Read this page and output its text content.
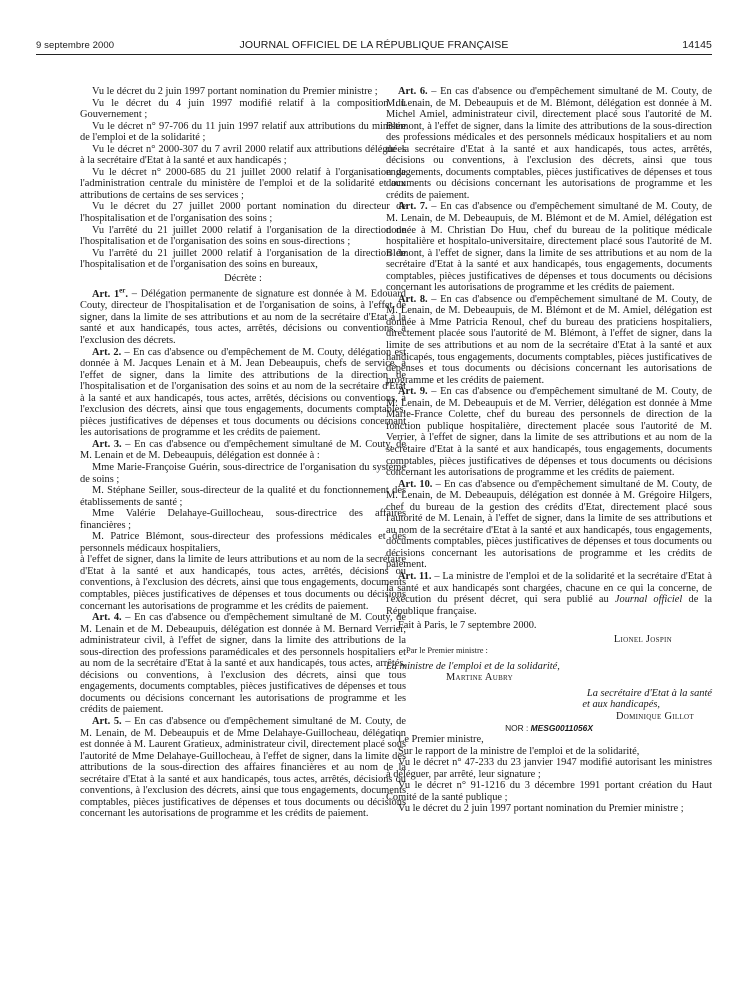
9 septembre 2000	JOURNAL OFFICIEL DE LA RÉPUBLIQUE FRANÇAISE	14145

Vu le décret du 2 juin 1997 portant nomination du Premier ministre ;

Vu le décret du 4 juin 1997 modifié relatif à la composition du Gouvernement ;

Vu le décret n° 97-706 du 11 juin 1997 relatif aux attributions du ministre de l'emploi et de la solidarité ;

Vu le décret n° 2000-307 du 7 avril 2000 relatif aux attributions déléguées à la secrétaire d'Etat à la santé et aux handicapés ;

Vu le décret n° 2000-685 du 21 juillet 2000 relatif à l'organisation de l'administration centrale du ministère de l'emploi et de la solidarité et aux attributions de certains de ses services ;

Vu le décret du 27 juillet 2000 portant nomination du directeur de l'hospitalisation et de l'organisation des soins ;

Vu l'arrêté du 21 juillet 2000 relatif à l'organisation de la direction de l'hospitalisation et de l'organisation des soins en sous-directions ;

Vu l'arrêté du 21 juillet 2000 relatif à l'organisation de la direction de l'hospitalisation et de l'organisation des soins en bureaux,

Décrète :

Art. 1er. – Délégation permanente de signature est donnée à M. Edouard Couty, directeur de l'hospitalisation et de l'organisation de soins, à l'effet de signer, dans la limite de ses attributions et au nom de la secrétaire d'Etat à la santé et aux handicapés, tous actes, arrêtés, décisions ou conventions, à l'exclusion des décrets.

Art. 2. – En cas d'absence ou d'empêchement de M. Couty, délégation est donnée à M. Jacques Lenain et à M. Jean Debeaupuis, chefs de service, à l'effet de signer, dans la limite des attributions de la direction de l'hospitalisation et de l'organisation des soins et au nom de la secrétaire d'Etat à la santé et aux handicapés, tous actes, arrêtés, décisions ou conventions, à l'exclusion des décrets, ainsi que tous engagements, documents comptables, pièces justificatives de dépenses et tous documents ou décisions concernant les autorisations de programme et les crédits de paiement.

Art. 3. – En cas d'absence ou d'empêchement simultané de M. Couty, de M. Lenain et de M. Debeaupuis, délégation est donnée à :

Mme Marie-Françoise Guérin, sous-directrice de l'organisation du système de soins ;

M. Stéphane Seiller, sous-directeur de la qualité et du fonctionnement des établissements de santé ;

Mme Valérie Delahaye-Guillocheau, sous-directrice des affaires financières ;

M. Patrice Blémont, sous-directeur des professions médicales et des personnels médicaux hospitaliers,

à l'effet de signer, dans la limite de leurs attributions et au nom de la secrétaire d'Etat à la santé et aux handicapés, tous actes, arrêtés, décisions ou conventions, à l'exclusion des décrets, ainsi que tous engagements, documents comptables, pièces justificatives de dépenses et tous documents ou décisions concernant les autorisations de programme et les crédits de paiement.

Art. 4. – En cas d'absence ou d'empêchement simultané de M. Couty, de M. Lenain et de M. Debeaupuis, délégation est donnée à M. Bernard Verrier, administrateur civil, à l'effet de signer, dans la limite des attributions de la sous-direction des professions paramédicales et des personnels hospitaliers et au nom de la secrétaire d'Etat à la santé et aux handicapés, tous actes, arrêtés, décisions ou conventions, à l'exclusion des décrets, ainsi que tous engagements, documents comptables, pièces justificatives de dépenses et tous documents ou décisions concernant les autorisations de programme et les crédits de paiement.

Art. 5. – En cas d'absence ou d'empêchement simultané de M. Couty, de M. Lenain, de M. Debeaupuis et de Mme Delahaye-Guillocheau, délégation est donnée à M. Laurent Gratieux, administrateur civil, directement placé sous l'autorité de Mme Delahaye-Guillocheau, à l'effet de signer, dans la limite des attributions de la sous-direction des affaires financières et au nom de la secrétaire d'Etat à la santé et aux handicapés, tous actes, arrêtés, décisions ou conventions, à l'exclusion des décrets, ainsi que tous engagements, documents comptables, pièces justificatives de dépenses et tous documents ou décisions concernant les autorisations de programme et les crédits de paiement.

Art. 6. – En cas d'absence ou d'empêchement simultané de M. Couty, de M. Lenain, de M. Debeaupuis et de M. Blémont, délégation est donnée à M. Michel Amiel, administrateur civil, directement placé sous l'autorité de M. Blémont, à l'effet de signer, dans la limite des attributions de la sous-direction des professions médicales et des personnels médicaux hospitaliers et au nom de la secrétaire d'Etat à la santé et aux handicapés, tous actes, arrêtés, décisions ou conventions, à l'exclusion des décrets, ainsi que tous engagements, documents comptables, pièces justificatives de dépenses et tous documents ou décisions concernant les autorisations de programme et les crédits de paiement.

Art. 7. – En cas d'absence ou d'empêchement simultané de M. Couty, de M. Lenain, de M. Debeaupuis, de M. Blémont et de M. Amiel, délégation est donnée à M. Christian Do Huu, chef du bureau de la politique médicale hospitalière et hospitalo-universitaire, directement placé sous l'autorité de M. Blémont, à l'effet de signer, dans la limite de ses attributions et au nom de la secrétaire d'Etat à la santé et aux handicapés, tous engagements, documents comptables, pièces justificatives de dépenses et tous documents ou décisions concernant les autorisations de programme et les crédits de paiement.

Art. 8. – En cas d'absence ou d'empêchement simultané de M. Couty, de M. Lenain, de M. Debeaupuis, de M. Blémont et de M. Amiel, délégation est donnée à Mme Patricia Renoul, chef du bureau des praticiens hospitaliers, directement placée sous l'autorité de M. Blémont, à l'effet de signer, dans la limite de ses attributions et au nom de la secrétaire d'Etat à la santé et aux handicapés, tous engagements, documents comptables, pièces justificatives de dépenses et tous documents ou décisions concernant les autorisations de programme et les crédits de paiement.

Art. 9. – En cas d'absence ou d'empêchement simultané de M. Couty, de M. Lenain, de M. Debeaupuis et de M. Verrier, délégation est donnée à Mme Marie-France Colette, chef du bureau des personnels de direction de la fonction publique hospitalière, directement placée sous l'autorité de M. Verrier, à l'effet de signer, dans la limite de ses attributions et au nom de la secrétaire d'Etat à la santé et aux handicapés, tous engagements, documents comptables, pièces justificatives de dépenses et tous documents ou décisions concernant les autorisations de programme et les crédits de paiement.

Art. 10. – En cas d'absence ou d'empêchement simultané de M. Couty, de M. Lenain, de M. Debeaupuis, délégation est donnée à M. Grégoire Hilgers, chef du bureau de la gestion des crédits d'Etat, directement placé sous l'autorité de M. Lenain, à l'effet de signer, dans la limite de ses attributions et au nom de la secrétaire d'Etat à la santé et aux handicapés, tous engagements, documents comptables, pièces justificatives de dépenses et tous documents ou décisions concernant les autorisations de programme et les crédits de paiement.

Art. 11. – La ministre de l'emploi et de la solidarité et la secrétaire d'Etat à la santé et aux handicapés sont chargées, chacune en ce qui la concerne, de l'exécution du présent décret, qui sera publié au Journal officiel de la République française.

Fait à Paris, le 7 septembre 2000.

Lionel Jospin

Par le Premier ministre :

La ministre de l'emploi et de la solidarité,

Martine Aubry

La secrétaire d'Etat à la santé

et aux handicapés,

Dominique Gillot

NOR : MESG0011056X

Le Premier ministre,

Sur le rapport de la ministre de l'emploi et de la solidarité,

Vu le décret n° 47-233 du 23 janvier 1947 modifié autorisant les ministres à déléguer, par arrêté, leur signature ;

Vu le décret n° 91-1216 du 3 décembre 1991 portant création du Haut Comité de la santé publique ;

Vu le décret du 2 juin 1997 portant nomination du Premier ministre ;
